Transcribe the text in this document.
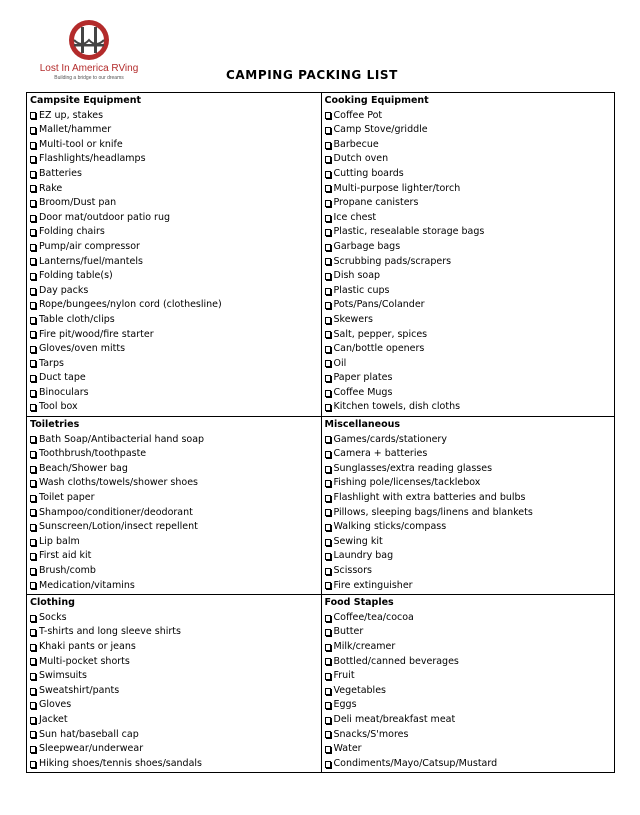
Lost In America RVing
Building a bridge to our dreams	CAMPING PACKING LIST
Campsite Equipment
EZ up, stakes
Mallet/hammer
Multi-tool or knife
Flashlights/headlamps
Batteries
Rake
Broom/Dust pan
Door mat/outdoor patio rug
Folding chairs
Pump/air compressor
Lanterns/fuel/mantels
Folding table(s)
Day packs
Rope/bungees/nylon cord (clothesline)
Table cloth/clips
Fire pit/wood/fire starter
Gloves/oven mitts
Tarps
Duct tape
Binoculars
Tool box
Cooking Equipment
Coffee Pot
Camp Stove/griddle
Barbecue
Dutch oven
Cutting boards
Multi-purpose lighter/torch
Propane canisters
Ice chest
Plastic, resealable storage bags
Garbage bags
Scrubbing pads/scrapers
Dish soap
Plastic cups
Pots/Pans/Colander
Skewers
Salt, pepper, spices
Can/bottle openers
Oil
Paper plates
Coffee Mugs
Kitchen towels, dish cloths
Toiletries
Bath Soap/Antibacterial hand soap
Toothbrush/toothpaste
Beach/Shower bag
Wash cloths/towels/shower shoes
Toilet paper
Shampoo/conditioner/deodorant
Sunscreen/Lotion/insect repellent
Lip balm
First aid kit
Brush/comb
Medication/vitamins
Miscellaneous
Games/cards/stationery
Camera + batteries
Sunglasses/extra reading glasses
Fishing pole/licenses/tacklebox
Flashlight with extra batteries and bulbs
Pillows, sleeping bags/linens and blankets
Walking sticks/compass
Sewing kit
Laundry bag
Scissors
Fire extinguisher
Clothing
Socks
T-shirts and long sleeve shirts
Khaki pants or jeans
Multi-pocket shorts
Swimsuits
Sweatshirt/pants
Gloves
Jacket
Sun hat/baseball cap
Sleepwear/underwear
Hiking shoes/tennis shoes/sandals
Food Staples
Coffee/tea/cocoa
Butter
Milk/creamer
Bottled/canned beverages
Fruit
Vegetables
Eggs
Deli meat/breakfast meat
Snacks/S'mores
Water
Condiments/Mayo/Catsup/Mustard
